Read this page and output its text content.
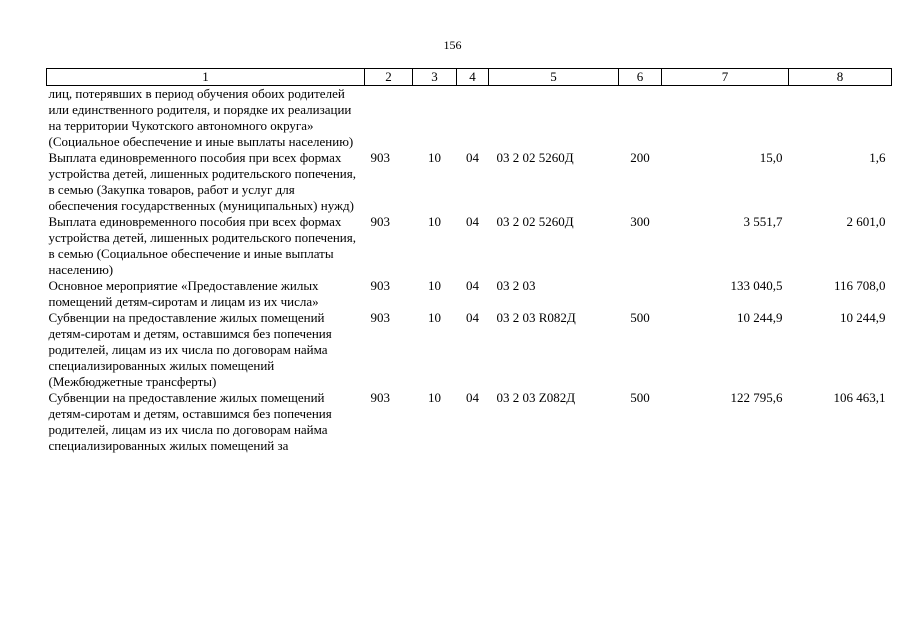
156
1	2	3	4	5	6	7	8
лиц, потерявших в период обучения обоих родителей или единственного родителя, и порядке их реализации на территории Чукотского автономного округа» (Социальное обеспечение и иные выплаты населению)							
Выплата единовременного пособия при всех формах устройства детей, лишенных родительского попечения, в семью (Закупка товаров, работ и услуг для обеспечения государственных (муниципальных) нужд)	903	10	04	03 2 02 5260Д	200	15,0	1,6
Выплата единовременного пособия при всех формах устройства детей, лишенных родительского попечения, в семью (Социальное обеспечение и иные выплаты населению)	903	10	04	03 2 02 5260Д	300	3 551,7	2 601,0
Основное мероприятие «Предоставление жилых помещений детям-сиротам и лицам из их числа»	903	10	04	03 2 03		133 040,5	116 708,0
Субвенции на предоставление жилых помещений детям-сиротам и детям, оставшимся без попечения родителей, лицам из их числа по договорам найма специализированных жилых помещений (Межбюджетные трансферты)	903	10	04	03 2 03 R082Д	500	10 244,9	10 244,9
Субвенции на предоставление жилых помещений детям-сиротам и детям, оставшимся без попечения родителей, лицам из их числа по договорам найма специализированных жилых помещений за	903	10	04	03 2 03 Z082Д	500	122 795,6	106 463,1
